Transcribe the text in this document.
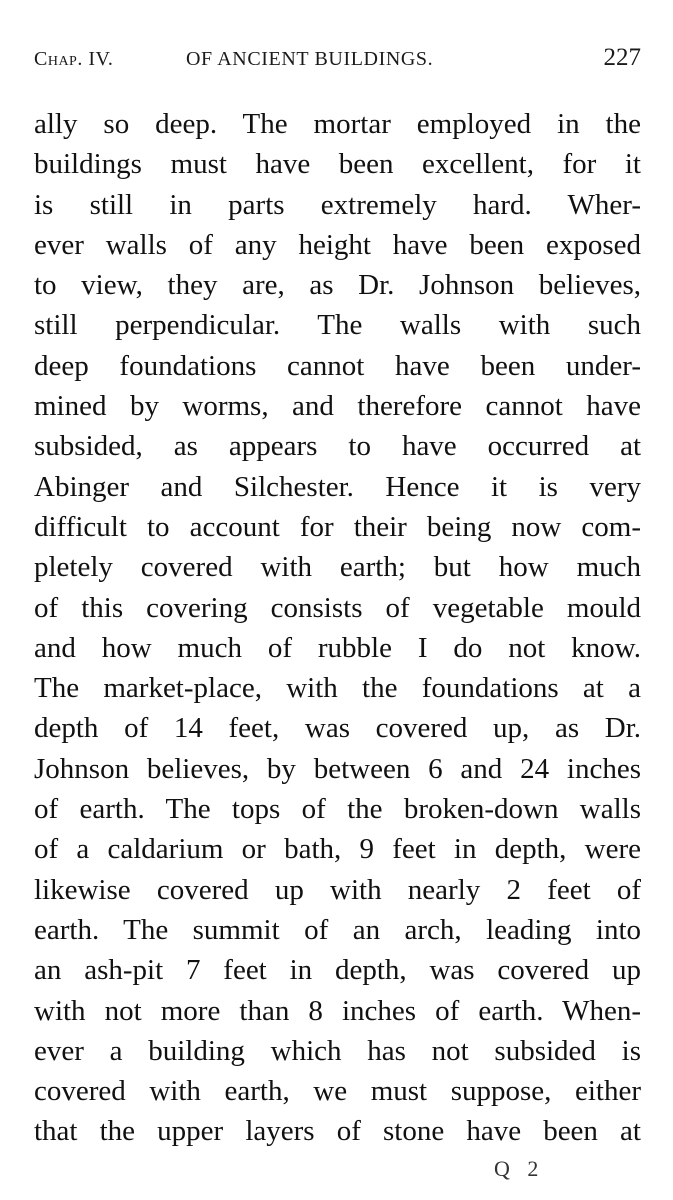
Chap. IV.	OF ANCIENT BUILDINGS.	227
ally so deep. The mortar employed in the
buildings must have been excellent, for it
is still in parts extremely hard. Wher-
ever walls of any height have been exposed
to view, they are, as Dr. Johnson believes,
still perpendicular. The walls with such
deep foundations cannot have been under-
mined by worms, and therefore cannot have
subsided, as appears to have occurred at
Abinger and Silchester. Hence it is very
difficult to account for their being now com-
pletely covered with earth; but how much
of this covering consists of vegetable mould
and how much of rubble I do not know.
The market-place, with the foundations at a
depth of 14 feet, was covered up, as Dr.
Johnson believes, by between 6 and 24 inches
of earth. The tops of the broken-down walls
of a caldarium or bath, 9 feet in depth, were
likewise covered up with nearly 2 feet of
earth. The summit of an arch, leading into
an ash-pit 7 feet in depth, was covered up
with not more than 8 inches of earth. When-
ever a building which has not subsided is
covered with earth, we must suppose, either
that the upper layers of stone have been at
Q 2
